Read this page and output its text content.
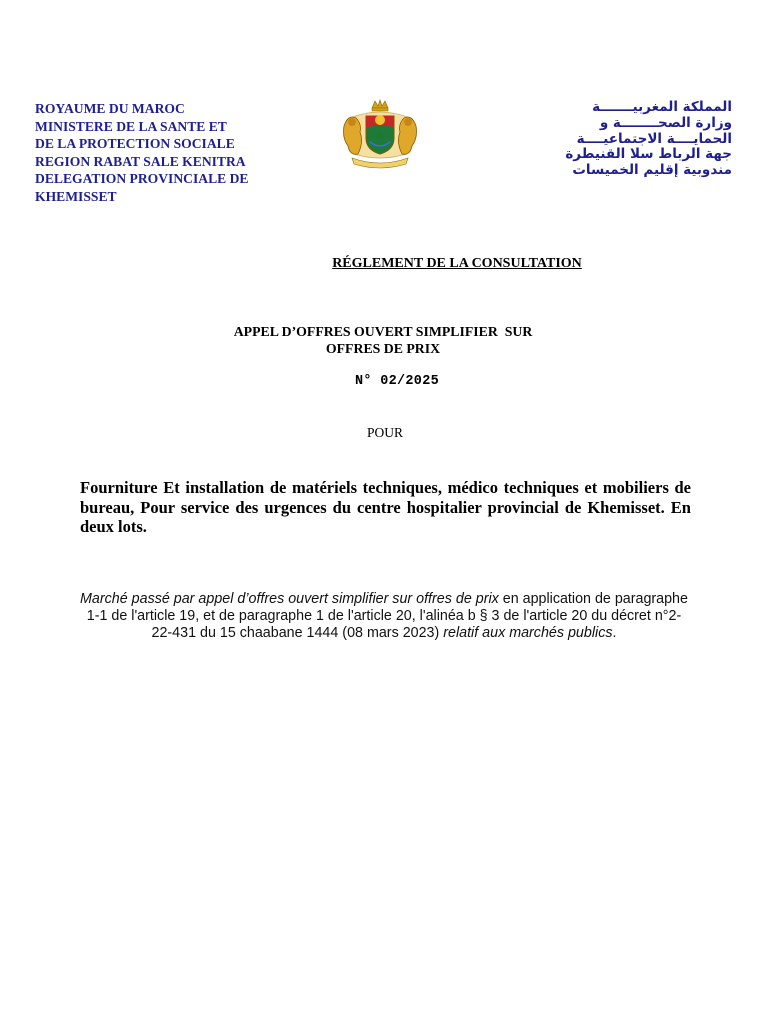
ROYAUME DU MAROC
MINISTERE DE LA SANTE ET
DE LA PROTECTION SOCIALE
REGION RABAT SALE KENITRA
DELEGATION PROVINCIALE DE
KHEMISSET
المملكة المغربيـــــــة
وزارة الصحــــــــة و
الحمايــــة الاجتماعيــــة
جهة الرباط سلا القنيطرة
مندوبية إقليم الخميسات
RÉGLEMENT DE LA CONSULTATION
APPEL D’OFFRES OUVERT SIMPLIFIER  SUR
OFFRES DE PRIX
N° 02/2025
POUR
Fourniture Et installation de matériels techniques, médico techniques et mobiliers de bureau, Pour service des urgences du centre hospitalier provincial de Khemisset. En deux lots.
Marché passé par appel d’offres ouvert simplifier sur offres de prix en application de paragraphe 1-1 de l'article 19, et de paragraphe 1 de l'article 20, l'alinéa b § 3 de l'article 20 du décret n°2-22-431 du 15 chaabane 1444 (08 mars 2023) relatif aux marchés publics.
